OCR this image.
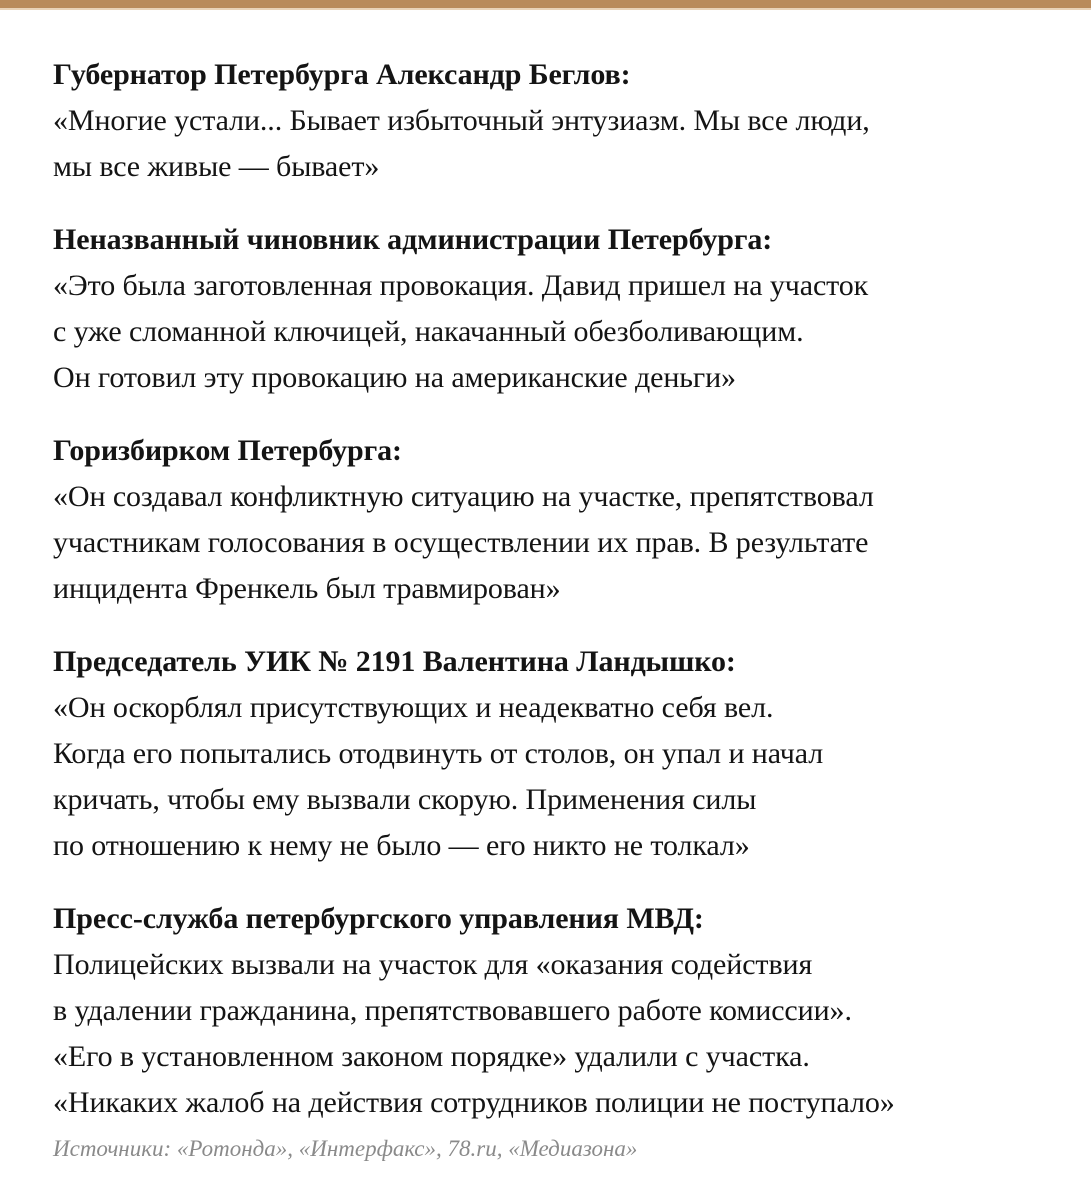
Губернатор Петербурга Александр Беглов:
«Многие устали... Бывает избыточный энтузиазм. Мы все люди,
мы все живые — бывает»
Неназванный чиновник администрации Петербурга:
«Это была заготовленная провокация. Давид пришел на участок
с уже сломанной ключицей, накачанный обезболивающим.
Он готовил эту провокацию на американские деньги»
Горизбирком Петербурга:
«Он создавал конфликтную ситуацию на участке, препятствовал
участникам голосования в осуществлении их прав. В результате
инцидента Френкель был травмирован»
Председатель УИК № 2191 Валентина Ландышко:
«Он оскорблял присутствующих и неадекватно себя вел.
Когда его попытались отодвинуть от столов, он упал и начал
кричать, чтобы ему вызвали скорую. Применения силы
по отношению к нему не было — его никто не толкал»
Пресс-служба петербургского управления МВД:
Полицейских вызвали на участок для «оказания содействия
в удалении гражданина, препятствовавшего работе комиссии».
«Его в установленном законом порядке» удалили с участка.
«Никаких жалоб на действия сотрудников полиции не поступало»
Источники: «Ротонда», «Интерфакс», 78.ru, «Медиазона»
